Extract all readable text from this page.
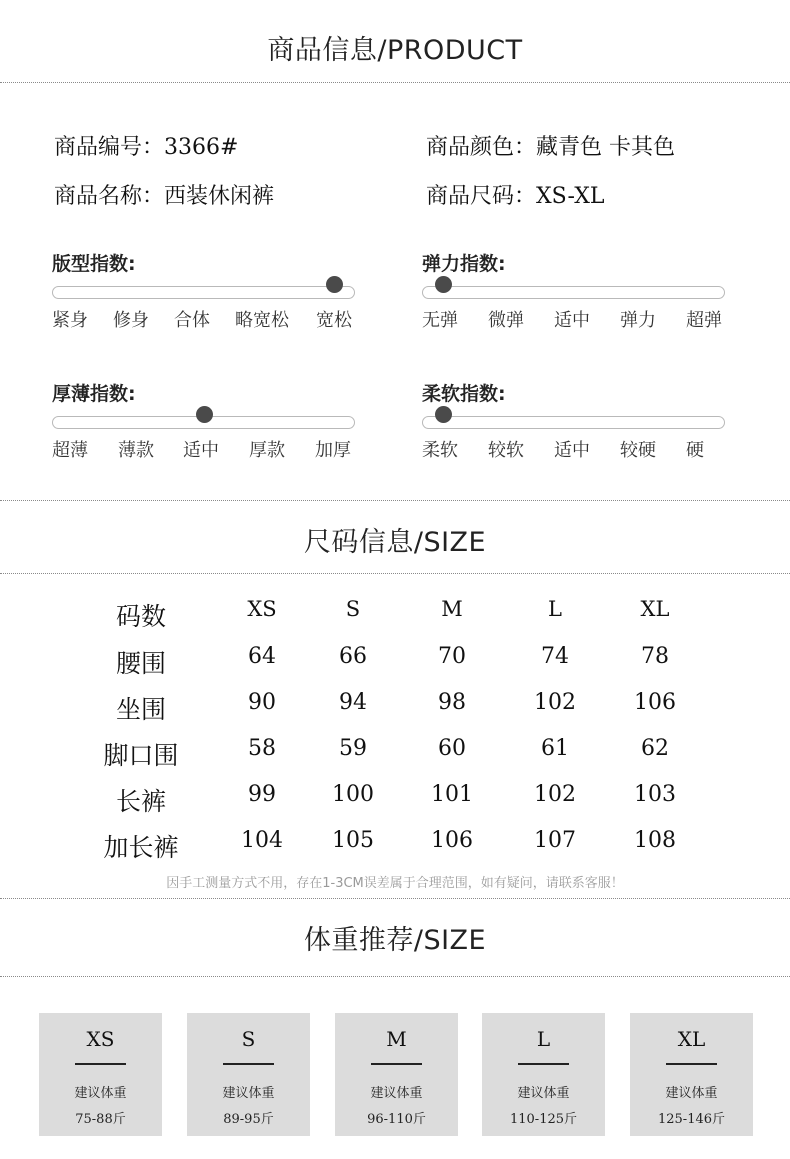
商品信息/PRODUCT
商品编号：3366#	商品颜色：藏青色 卡其色
商品名称：西装休闲裤	商品尺码：XS-XL
版型指数:
紧身 修身 合体 略宽松 宽松
弹力指数:
无弹 微弹 适中 弹力 超弹
厚薄指数:
超薄 薄款 适中 厚款 加厚
柔软指数:
柔软 较软 适中 较硬 硬
尺码信息/SIZE
码数	XS	S	M	L	XL
腰围	64	66	70	74	78
坐围	90	94	98	102	106
脚口围	58	59	60	61	62
长裤	99	100	101	102	103
加长裤	104	105	106	107	108
因手工测量方式不用，存在1-3CM误差属于合理范围，如有疑问，请联系客服！
体重推荐/SIZE
XS
建议体重
75-88斤
S
建议体重
89-95斤
M
建议体重
96-110斤
L
建议体重
110-125斤
XL
建议体重
125-146斤
